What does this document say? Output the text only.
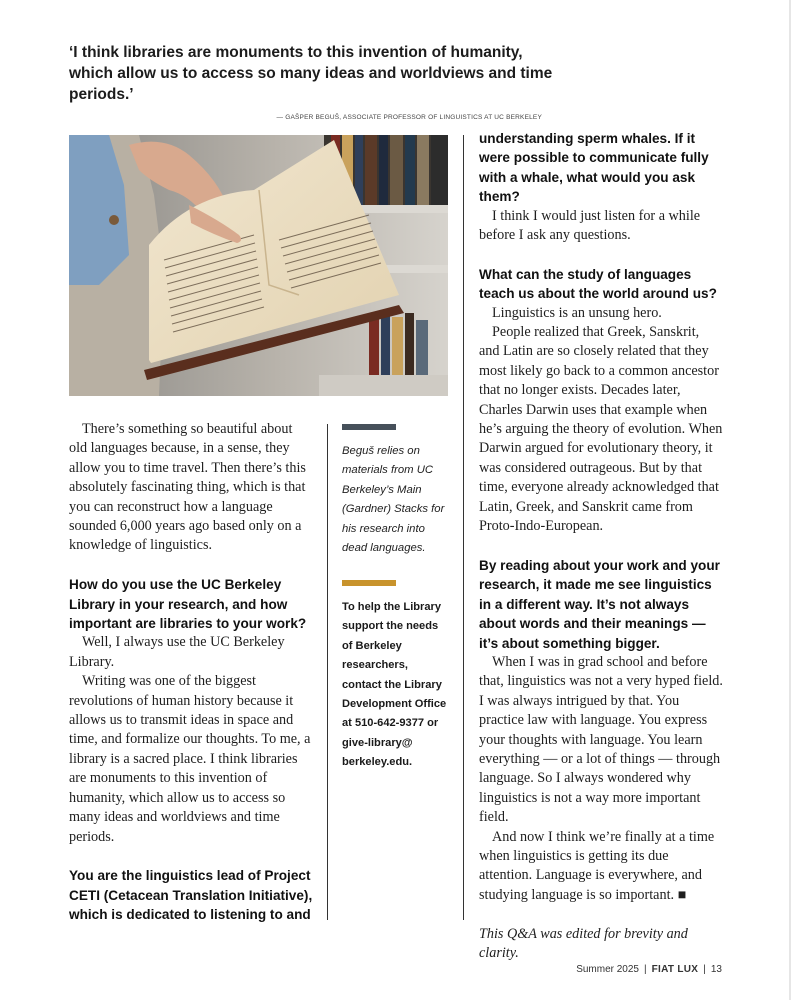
‘I think libraries are monuments to this invention of humanity, which allow us to access so many ideas and worldviews and time periods.’

— GAŠPER BEGUŠ, ASSOCIATE PROFESSOR OF LINGUISTICS AT UC BERKELEY

There’s something so beautiful about old languages because, in a sense, they allow you to time travel. Then there’s this absolutely fascinating thing, which is that you can reconstruct how a language sounded 6,000 years ago based only on a knowledge of linguistics.

How do you use the UC Berkeley Library in your research, and how important are libraries to your work?

Well, I always use the UC Berkeley Library.

Writing was one of the biggest revolutions of human history because it allows us to transmit ideas in space and time, and formalize our thoughts. To me, a library is a sacred place. I think libraries are monuments to this invention of humanity, which allow us to access so many ideas and worldviews and time periods.

You are the linguistics lead of Project CETI (Cetacean Translation Initiative), which is dedicated to listening to and

Beguš relies on materials from UC Berkeley’s Main (Gardner) Stacks for his research into dead languages.

To help the Library support the needs of Berkeley researchers, contact the Library Development Office at 510-642-9377 or give-library@ berkeley.edu.

understanding sperm whales. If it were possible to communicate fully with a whale, what would you ask them?

I think I would just listen for a while before I ask any questions.

What can the study of languages teach us about the world around us?

Linguistics is an unsung hero.

People realized that Greek, Sanskrit, and Latin are so closely related that they most likely go back to a common ancestor that no longer exists. Decades later, Charles Darwin uses that example when he’s arguing the theory of evolution. When Darwin argued for evolutionary theory, it was considered outrageous. But by that time, everyone already acknowledged that Latin, Greek, and Sanskrit came from Proto-Indo-European.

By reading about your work and your research, it made me see linguistics in a different way. It’s not always about words and their meanings — it’s about something bigger.

When I was in grad school and before that, linguistics was not a very hyped field. I was always intrigued by that. You practice law with language. You express your thoughts with language. You learn everything — or a lot of things — through language. So I always wondered why linguistics is not a way more important field.

And now I think we’re finally at a time when linguistics is getting its due attention. Language is everywhere, and studying language is so important. ■

This Q&A was edited for brevity and clarity.

Summer 2025 | FIAT LUX | 13
